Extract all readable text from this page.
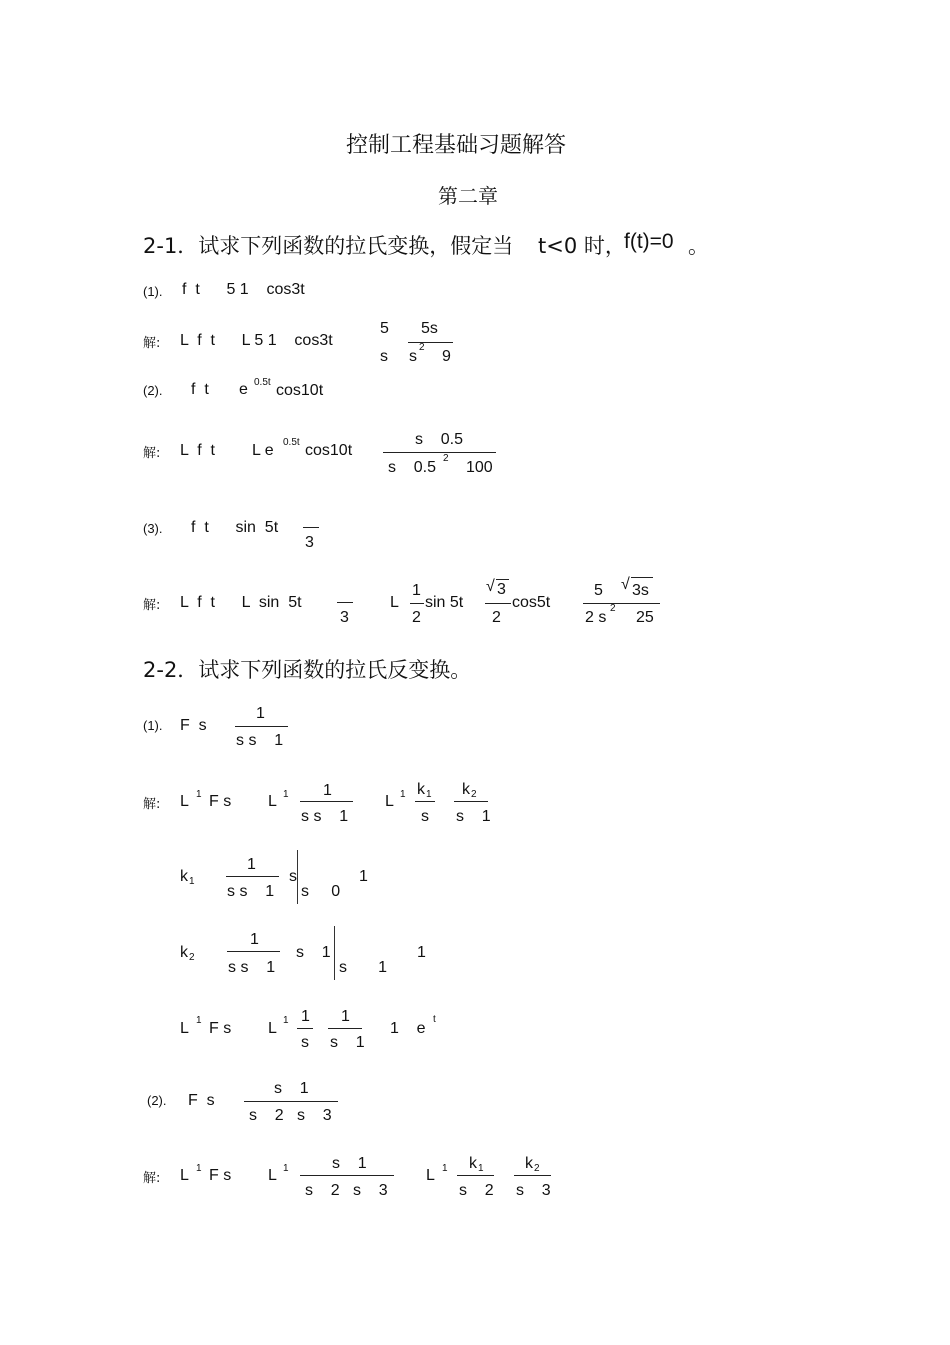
控制工程基础习题解答
第二章
2-1．试求下列函数的拉氏变换，假定当 t<0 时，
f(t)=0 。
(1). f  t      5 1    cos3t
解: L  f  t      L 5 1    cos3t
5
s
5s
s
2
9
(2). f  t e 0.5t cos10t
解: L  f  t L e 0.5t cos10t
s    0.5
s    0.5
2
100
(3). f  t      sin  5t
3
解: L  f  t      L  sin  5t
3
L
1
2
sin 5t
√ 3
2
cos5t
5 √ 3s
2 s
2
25
2-2．试求下列函数的拉氏反变换。
(1). F  s
1
s s    1
解: L 1 F s L 1 1
s s    1
L 1 k 1
s
k 2
s    1
k 1
1
s s    1
s
s     0
1
k 2
1
s s    1
s    1
s       1
1
L 1 F s L 1 1
s
1
s    1
1    e
t
(2). F  s
s    1
s    2   s    3
解: L 1 F s L 1	s    1
s    2   s    3
L 1 k 1
s    2
k 2
s    3
